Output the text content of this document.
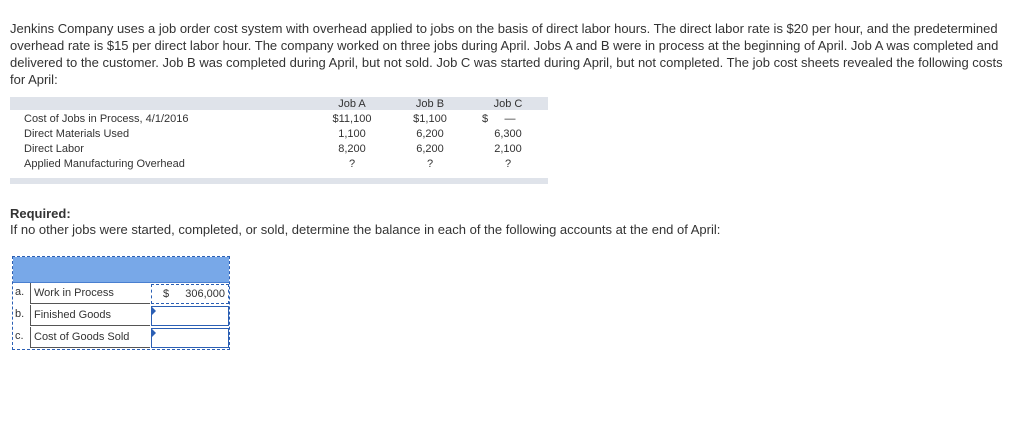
Jenkins Company uses a job order cost system with overhead applied to jobs on the basis of direct labor hours. The direct labor rate is $20 per hour, and the predetermined overhead rate is $15 per direct labor hour. The company worked on three jobs during April. Jobs A and B were in process at the beginning of April. Job A was completed and delivered to the customer. Job B was completed during April, but not sold. Job C was started during April, but not completed. The job cost sheets revealed the following costs for April:

Job A	Job B	Job C
Cost of Jobs in Process, 4/1/2016	$11,100	$1,100	$	—
Direct Materials Used	1,100	6,200	6,300
Direct Labor	8,200	6,200	2,100
Applied Manufacturing Overhead	?	?	?

Required:

If no other jobs were started, completed, or sold, determine the balance in each of the following accounts at the end of April:

a. Work in Process	$ 306,000
b. Finished Goods
c. Cost of Goods Sold
